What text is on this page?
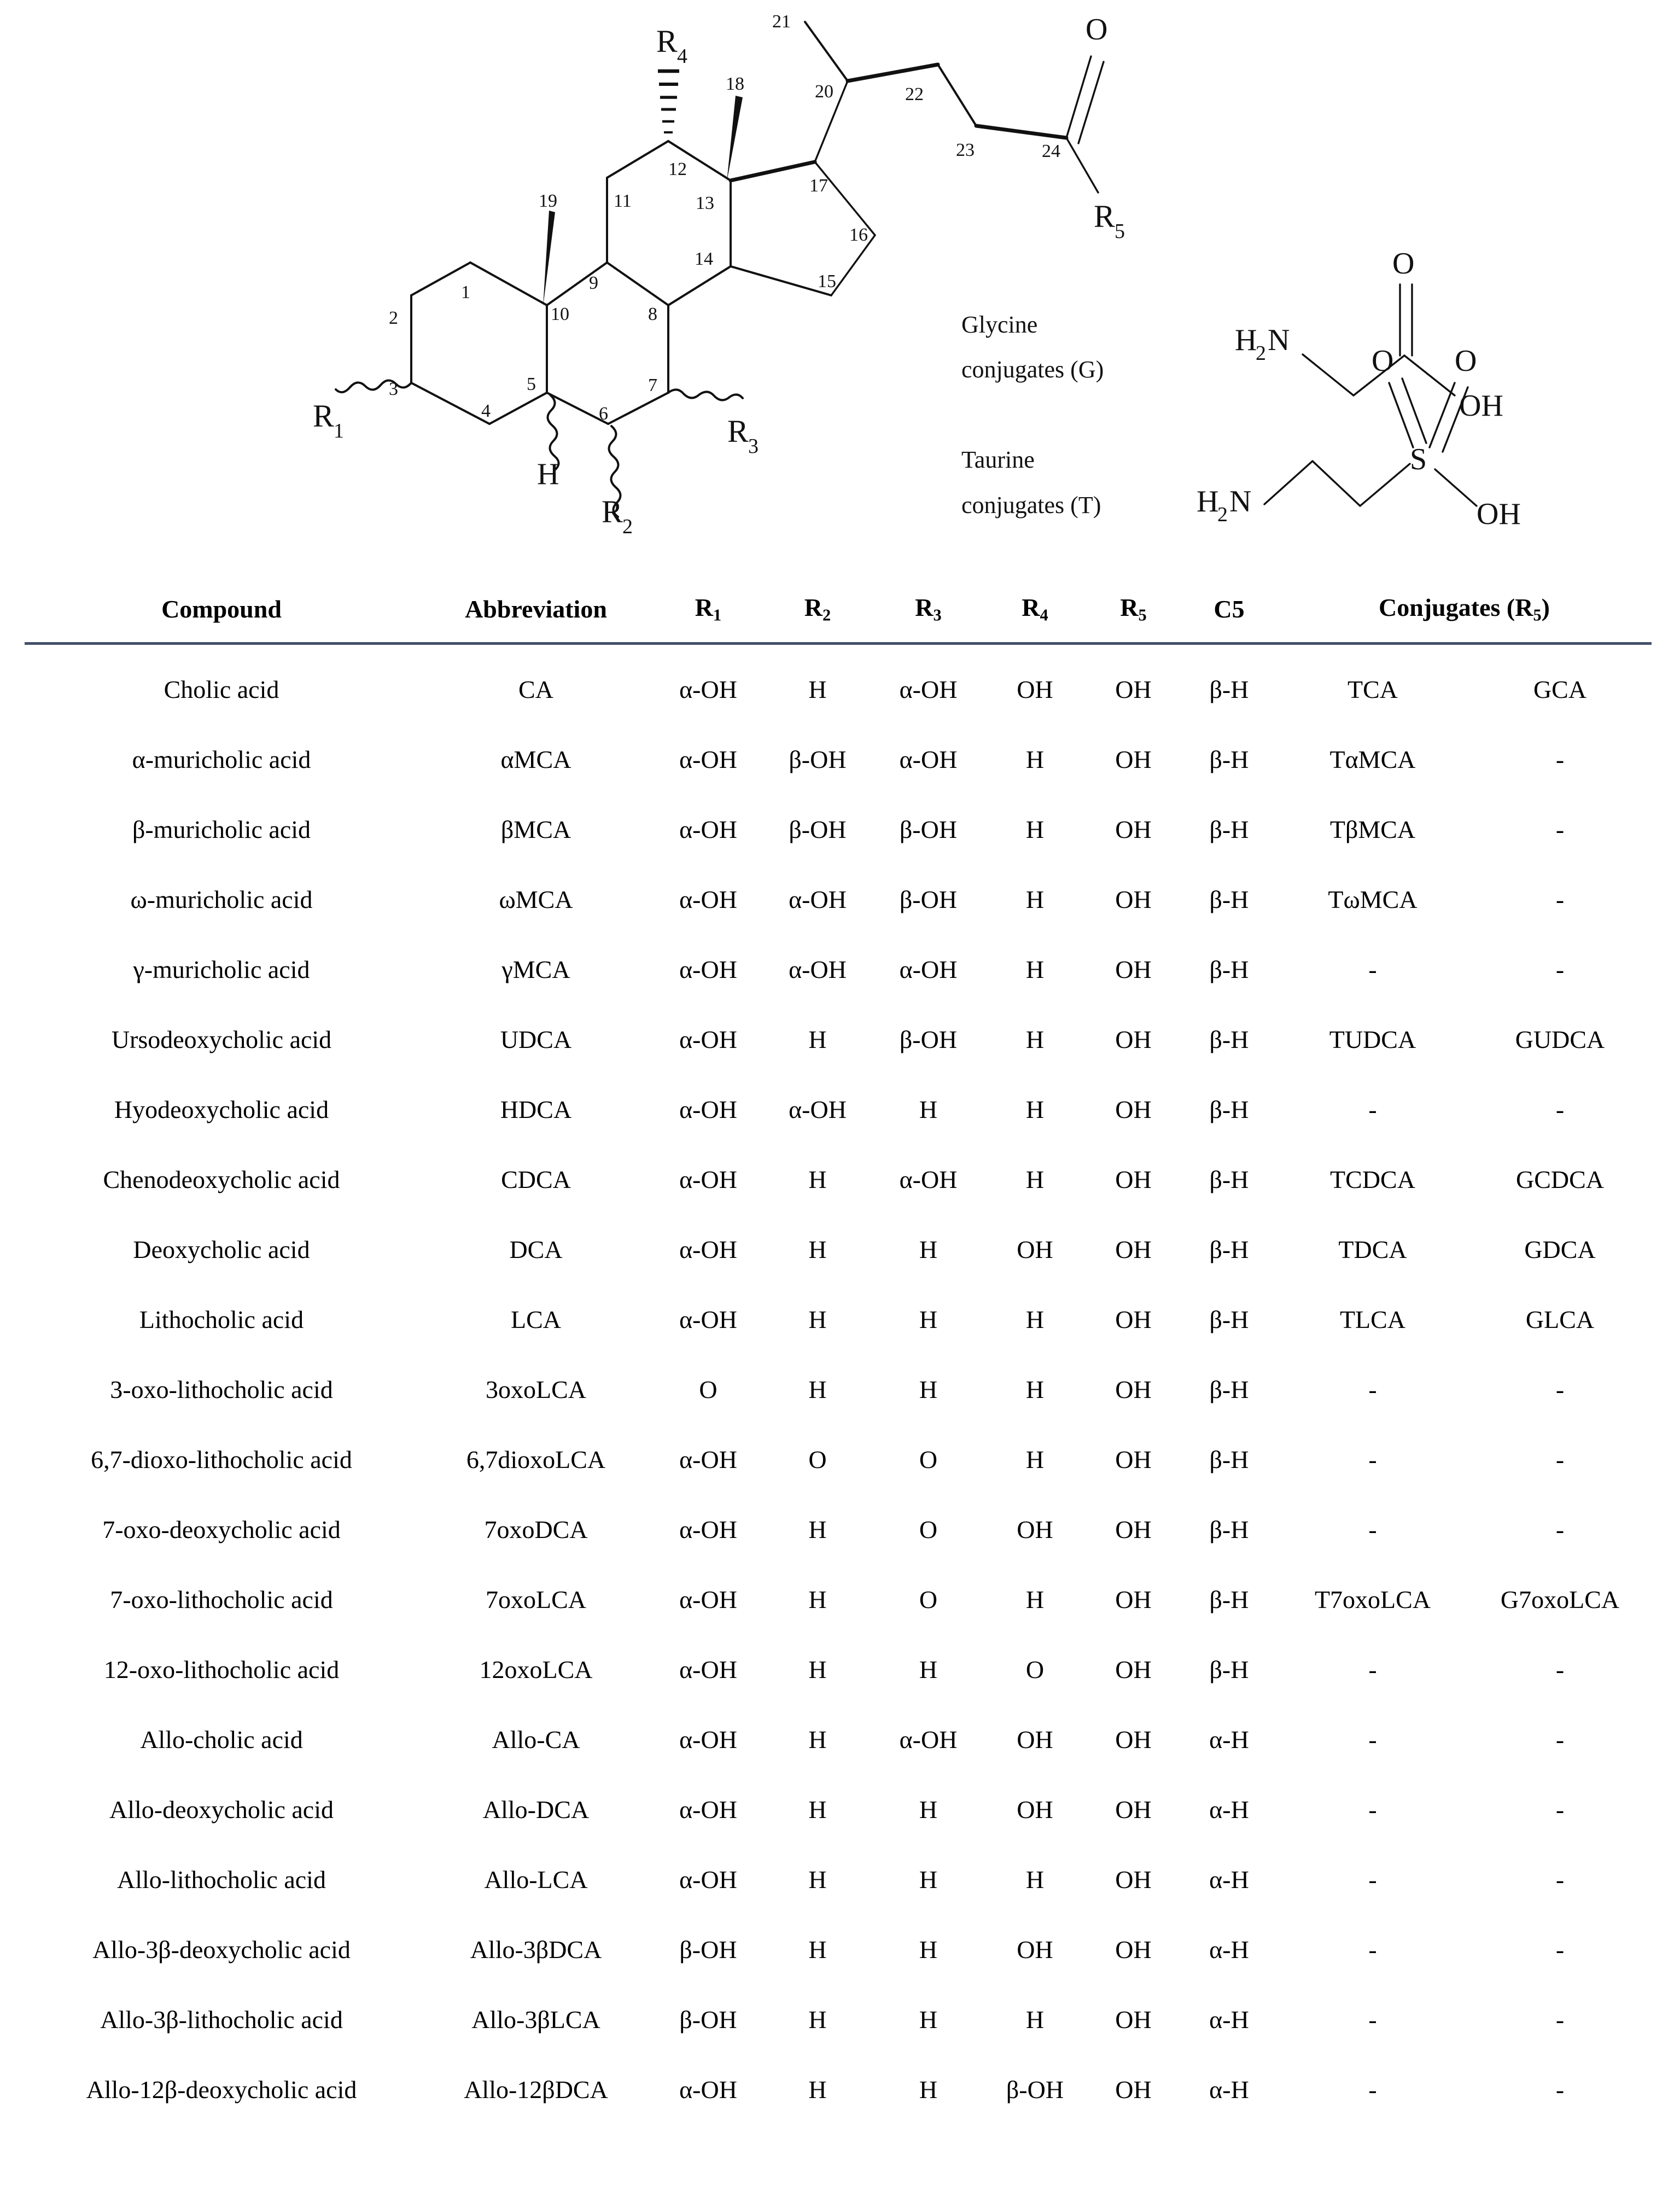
1
2
3
4
5
6
7
8
9
10
11
12
13
14
15
16
17
18
19
20
21
22
23	24
R 1
R 2
R 3
R 4
R 5
H
O
Glycine
conjugates (G)
H
2 N
O
OH
Taurine
conjugates (T)	H
2 N
S
O O
OH
Compound	Abbreviation	$R_1$	$R_2$	$R_3$	$R_4$	$R_5$	C5	Conjugates $(R_5)$	
Cholic acid	CA	α-OH	H	α-OH	OH	OH	β-H	TCA	GCA
α-muricholic acid	αMCA	α-OH	β-OH	α-OH	H	OH	β-H	TαMCA	-
β-muricholic acid	βMCA	α-OH	β-OH	β-OH	H	OH	β-H	TβMCA	-
ω-muricholic acid	ωMCA	α-OH	α-OH	β-OH	H	OH	β-H	TωMCA	-
γ-muricholic acid	γMCA	α-OH	α-OH	α-OH	H	OH	β-H	-	-
Ursodeoxycholic acid	UDCA	α-OH	H	β-OH	H	OH	β-H	TUDCA	GUDCA
Hyodeoxycholic acid	HDCA	α-OH	α-OH	H	H	OH	β-H	-	-
Chenodeoxycholic acid	CDCA	α-OH	H	α-OH	H	OH	β-H	TCDCA	GCDCA
Deoxycholic acid	DCA	α-OH	H	H	OH	OH	β-H	TDCA	GDCA
Lithocholic acid	LCA	α-OH	H	H	H	OH	β-H	TLCA	GLCA
3-oxo-lithocholic acid	3oxoLCA	O	H	H	H	OH	β-H	-	-
6,7-dioxo-lithocholic acid	6,7dioxoLCA	α-OH	O	O	H	OH	β-H	-	-
7-oxo-deoxycholic acid	7oxoDCA	α-OH	H	O	OH	OH	β-H	-	-
7-oxo-lithocholic acid	7oxoLCA	α-OH	H	O	H	OH	β-H	T7oxoLCA	G7oxoLCA
12-oxo-lithocholic acid	12oxoLCA	α-OH	H	H	O	OH	β-H	-	-
Allo-cholic acid	Allo-CA	α-OH	H	α-OH	OH	OH	α-H	-	-
Allo-deoxycholic acid	Allo-DCA	α-OH	H	H	OH	OH	α-H	-	-
Allo-lithocholic acid	Allo-LCA	α-OH	H	H	H	OH	α-H	-	-
Allo-3β-deoxycholic acid	Allo-3βDCA	β-OH	H	H	OH	OH	α-H	-	-
Allo-3β-lithocholic acid	Allo-3βLCA	β-OH	H	H	H	OH	α-H	-	-
Allo-12β-deoxycholic acid	Allo-12βDCA	α-OH	H	H	β-OH	OH	α-H	-	-
